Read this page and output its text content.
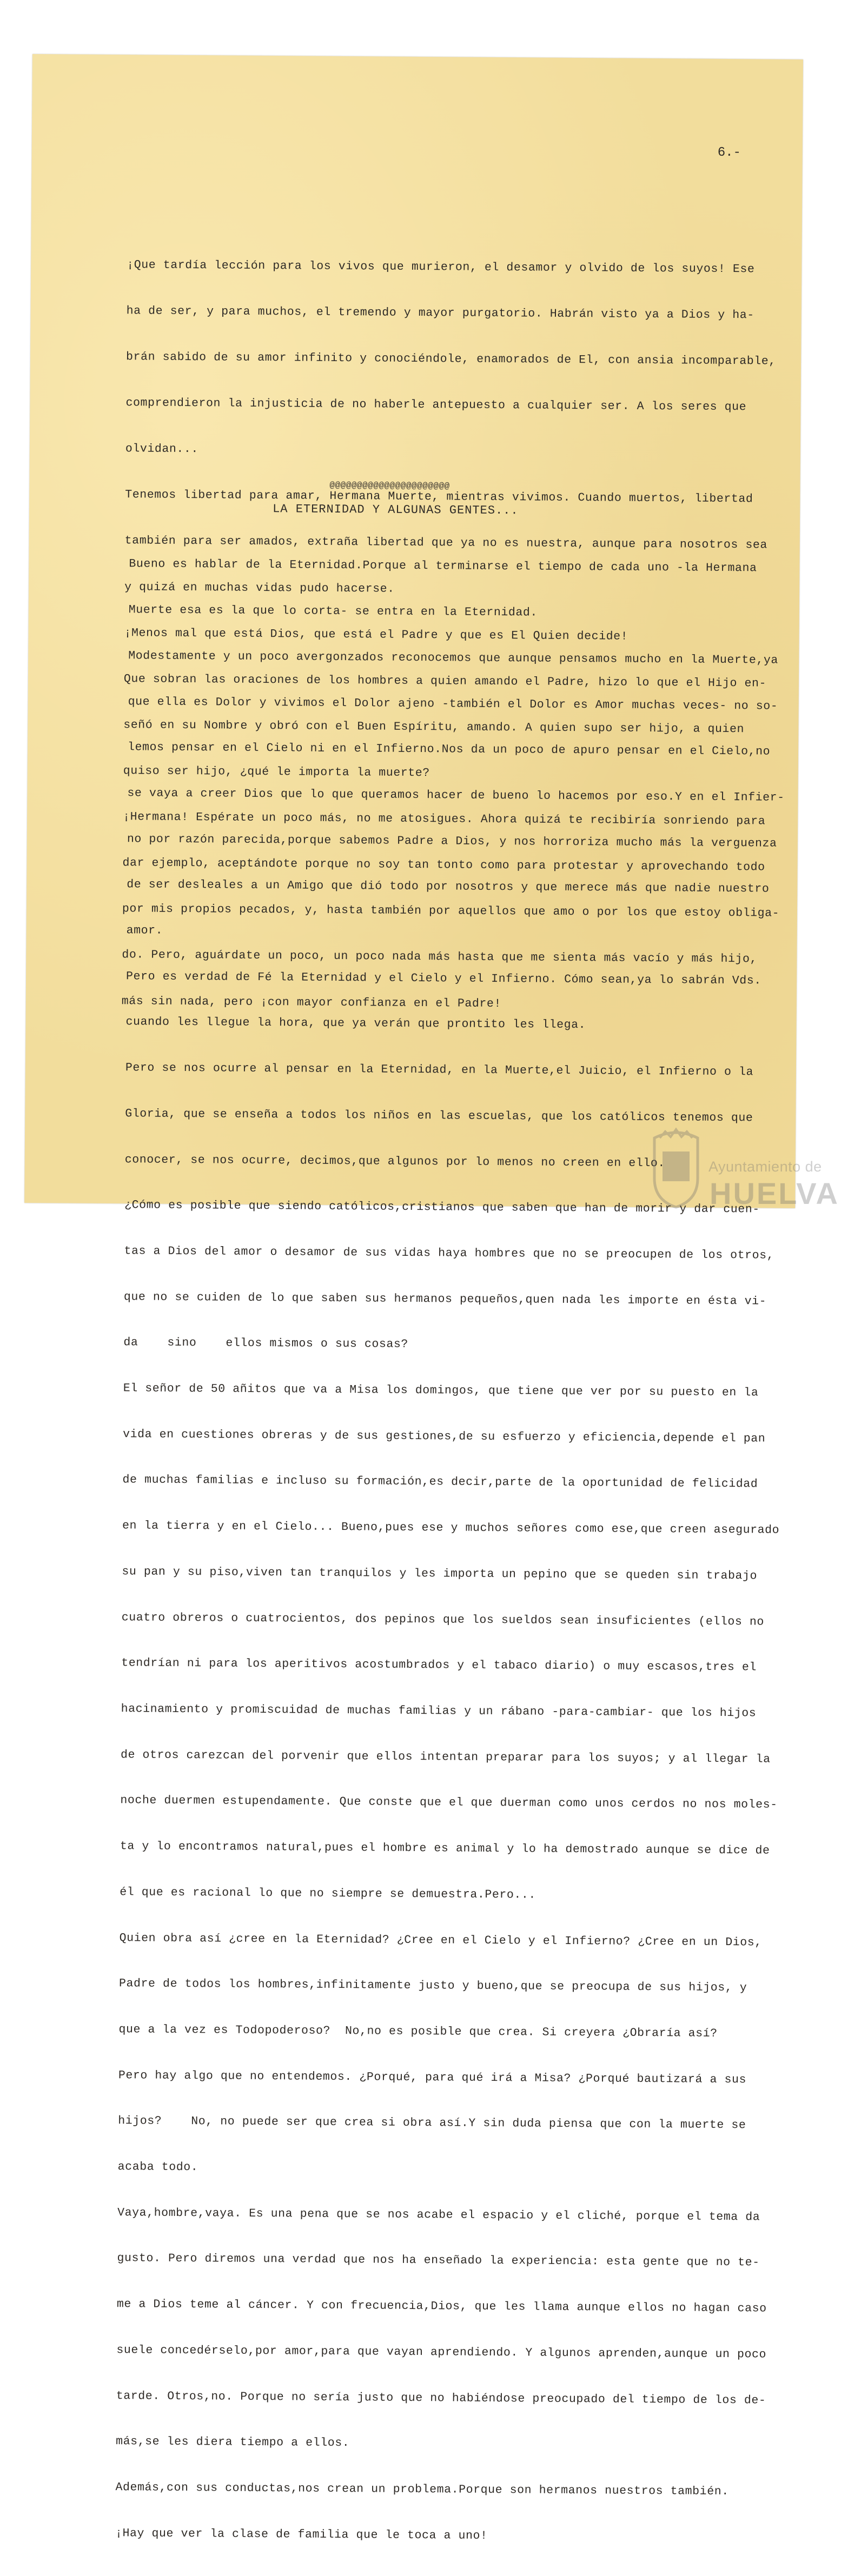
6.-

¡Que tardía lección para los vivos que murieron, el desamor y olvido de los suyos! Ese

ha de ser, y para muchos, el tremendo y mayor purgatorio. Habrán visto ya a Dios y ha-

brán sabido de su amor infinito y conociéndole, enamorados de El, con ansia incomparable,

comprendieron la injusticia de no haberle antepuesto a cualquier ser. A los seres que

olvidan...

Tenemos libertad para amar, Hermana Muerte, mientras vivimos. Cuando muertos, libertad

también para ser amados, extraña libertad que ya no es nuestra, aunque para nosotros sea

y quizá en muchas vidas pudo hacerse.

¡Menos mal que está Dios, que está el Padre y que es El Quien decide!

Que sobran las oraciones de los hombres a quien amando el Padre, hizo lo que el Hijo en-

señó en su Nombre y obró con el Buen Espíritu, amando. A quien supo ser hijo, a quien

quiso ser hijo, ¿qué le importa la muerte?

¡Hermana! Espérate un poco más, no me atosigues. Ahora quizá te recibiría sonriendo para

dar ejemplo, aceptándote porque no soy tan tonto como para protestar y aprovechando todo

por mis propios pecados, y, hasta también por aquellos que amo o por los que estoy obliga-

do. Pero, aguárdate un poco, un poco nada más hasta que me sienta más vacío y más hijo,

más sin nada, pero ¡con mayor confianza en el Padre!

@@@@@@@@@@@@@@@@@@@@@@
LA ETERNIDAD Y ALGUNAS GENTES...

Bueno es hablar de la Eternidad.Porque al terminarse el tiempo de cada uno -la Hermana

Muerte esa es la que lo corta- se entra en la Eternidad.

Modestamente y un poco avergonzados reconocemos que aunque pensamos mucho en la Muerte,ya

que ella es Dolor y vivimos el Dolor ajeno -también el Dolor es Amor muchas veces- no so-

lemos pensar en el Cielo ni en el Infierno.Nos da un poco de apuro pensar en el Cielo,no

se vaya a creer Dios que lo que queramos hacer de bueno lo hacemos por eso.Y en el Infier-

no por razón parecida,porque sabemos Padre a Dios, y nos horroriza mucho más la verguenza

de ser desleales a un Amigo que dió todo por nosotros y que merece más que nadie nuestro

amor.

Pero es verdad de Fé la Eternidad y el Cielo y el Infierno. Cómo sean,ya lo sabrán Vds.

cuando les llegue la hora, que ya verán que prontito les llega.

Pero se nos ocurre al pensar en la Eternidad, en la Muerte,el Juicio, el Infierno o la

Gloria, que se enseña a todos los niños en las escuelas, que los católicos tenemos que

conocer, se nos ocurre, decimos,que algunos por lo menos no creen en ello.

¿Cómo es posible que siendo católicos,cristianos que saben que han de morir y dar cuen-

tas a Dios del amor o desamor de sus vidas haya hombres que no se preocupen de los otros,

que no se cuiden de lo que saben sus hermanos pequeños,quen nada les importe en ésta vi-

da    sino    ellos mismos o sus cosas?

El señor de 50 añitos que va a Misa los domingos, que tiene que ver por su puesto en la

vida en cuestiones obreras y de sus gestiones,de su esfuerzo y eficiencia,depende el pan

de muchas familias e incluso su formación,es decir,parte de la oportunidad de felicidad

en la tierra y en el Cielo... Bueno,pues ese y muchos señores como ese,que creen asegurado

su pan y su piso,viven tan tranquilos y les importa un pepino que se queden sin trabajo

cuatro obreros o cuatrocientos, dos pepinos que los sueldos sean insuficientes (ellos no

tendrían ni para los aperitivos acostumbrados y el tabaco diario) o muy escasos,tres el

hacinamiento y promiscuidad de muchas familias y un rábano -para-cambiar- que los hijos

de otros carezcan del porvenir que ellos intentan preparar para los suyos; y al llegar la

noche duermen estupendamente. Que conste que el que duerman como unos cerdos no nos moles-

ta y lo encontramos natural,pues el hombre es animal y lo ha demostrado aunque se dice de

él que es racional lo que no siempre se demuestra.Pero...

Quien obra así ¿cree en la Eternidad? ¿Cree en el Cielo y el Infierno? ¿Cree en un Dios,

Padre de todos los hombres,infinitamente justo y bueno,que se preocupa de sus hijos, y

que a la vez es Todopoderoso?  No,no es posible que crea. Si creyera ¿Obraría así?

Pero hay algo que no entendemos. ¿Porqué, para qué irá a Misa? ¿Porqué bautizará a sus

hijos?    No, no puede ser que crea si obra así.Y sin duda piensa que con la muerte se

acaba todo.

Vaya,hombre,vaya. Es una pena que se nos acabe el espacio y el cliché, porque el tema da

gusto. Pero diremos una verdad que nos ha enseñado la experiencia: esta gente que no te-

me a Dios teme al cáncer. Y con frecuencia,Dios, que les llama aunque ellos no hagan caso

suele concedérselo,por amor,para que vayan aprendiendo. Y algunos aprenden,aunque un poco

tarde. Otros,no. Porque no sería justo que no habiéndose preocupado del tiempo de los de-

más,se les diera tiempo a ellos.

Además,con sus conductas,nos crean un problema.Porque son hermanos nuestros también.

¡Hay que ver la clase de familia que le toca a uno!

Ayuntamiento de
HUELVA
